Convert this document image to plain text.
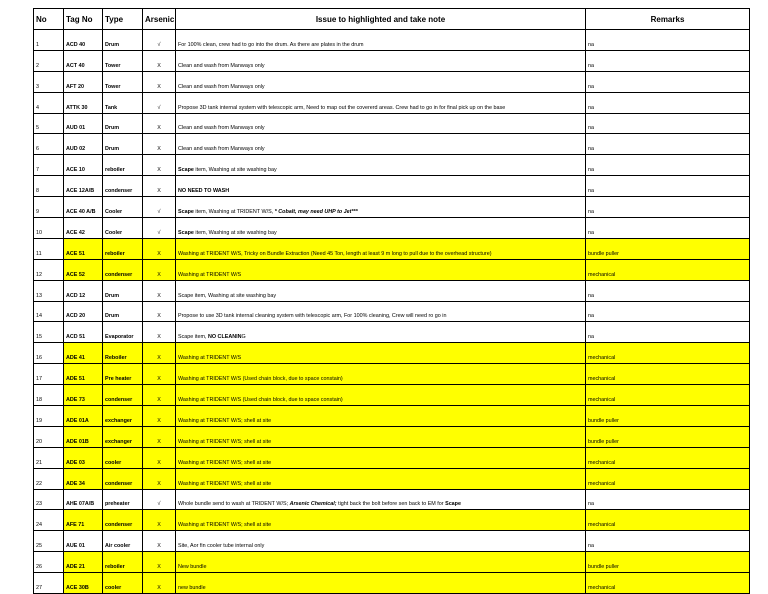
No	Tag No	Type	Arsenic	Issue to highlighted and take note	Remarks
1	ACD 40	Drum	√	For 100% clean, crew had to go into the drum. As there are plates in the drum	na
2	ACT 40	Tower	X	Clean and wash from Manways only	na
3	AFT 20	Tower	X	Clean and wash from Manways only	na
4	ATTK 30	Tank	√	Propose 3D tank internal system with telescopic arm, Need to map out the covererd areas. Crew had to go in for final pick up on the base	na
5	AUD 01	Drum	X	Clean and wash from Manways only	na
6	AUD 02	Drum	X	Clean and wash from Manways only	na
7	ACE 10	reboiler	X	Scape item, Washing at site washing bay	na
8	ACE 12A/B	condenser	X	NO NEED TO WASH	na
9	ACE 40 A/B	Cooler	√	Scape item, Washing at TRIDENT W/S, * Cobalt, may need UHP to Jet***	na
10	ACE 42	Cooler	√	Scape item, Washing at site washing bay	na
11	ACE 51	reboiler	X	Washing at TRIDENT W/S, Tricky on Bundle Extraction (Need 45 Ton, length at least 9 m long to pull due to the overhead structure)	bundle puller
12	ACE 52	condenser	X	Washing at TRIDENT W/S	mechanical
13	ACD 12	Drum	X	Scape item, Washing at site washing bay	na
14	ACD 20	Drum	X	Propose to use 3D tank internal cleaning system with telescopic arm, For 100% cleaning, Crew will need ro go in	na
15	ACD 51	Evaporator	X	Scape item, NO CLEANING	na
16	ADE 41	Reboiler	X	Washing at TRIDENT W/S	mechanical
17	ADE 51	Pre heater	X	Washing at TRIDENT W/S (Used chain block, due to space constain)	mechanical
18	ADE 73	condenser	X	Washing at TRIDENT W/S (Used chain block, due to space constain)	mechanical
19	ADE 01A	exchanger	X	Washing at TRIDENT W/S; shell at site	bundle puller
20	ADE 01B	exchanger	X	Washing at TRIDENT W/S; shell at site	bundle puller
21	ADE 03	cooler	X	Washing at TRIDENT W/S; shell at site	mechanical
22	ADE 34	condenser	X	Washing at TRIDENT W/S; shell at site	mechanical
23	AHE 07A/B	preheater	√	Whole bundle send to wash at TRIDENT W/S; Arsenic Chemical; tight back the bolt before sen back to EM for Scape	na
24	AFE 71	condenser	X	Washing at TRIDENT W/S; shell at site	mechanical
25	AUE 01	Air cooler	X	Site, Aor fin cooler tube internal only	na
26	ADE 21	reboiler	X	New bundle	bundle puller
27	ACE 30B	cooler	X	new bundle	mechanical
